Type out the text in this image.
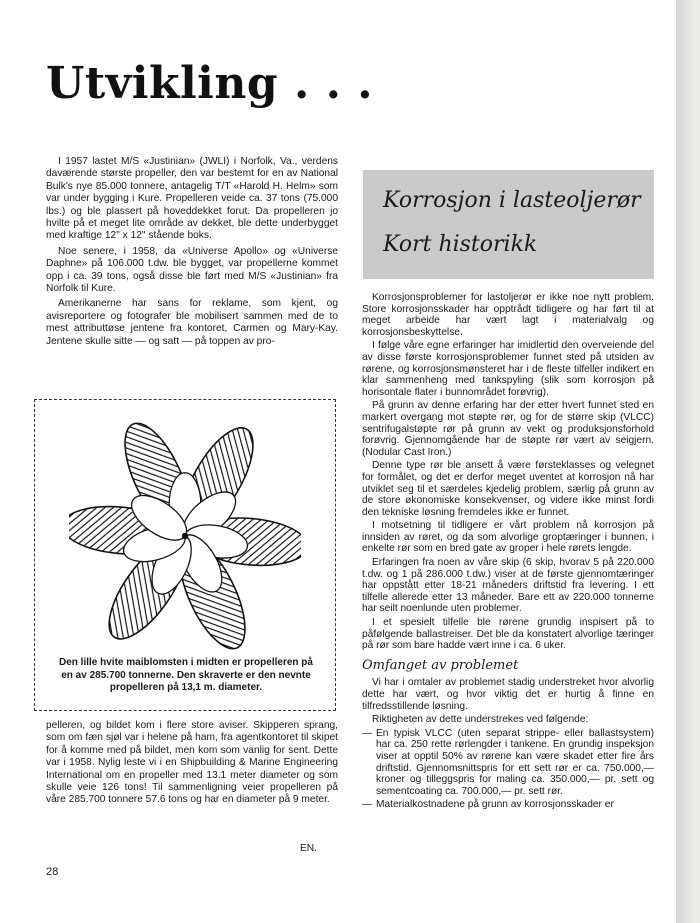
Utvikling . . .

I 1957 lastet M/S «Justinian» (JWLI) i Norfolk, Va., verdens daværende største propeller, den var bestemt for en av National Bulk's nye 85.000 tonnere, antagelig T/T «Harold H. Helm» som var under bygging i Kure. Propelleren veide ca. 37 tons (75.000 lbs.) og ble plassert på hoveddekket forut. Da propelleren jo hvilte på et meget lite område av dekket, ble dette underbygget med kraftige 12" x 12" stående boks.

Noe senere, i 1958, da «Universe Apollo» og «Universe Daphne» på 106.000 t.dw. ble bygget, var propellerne kommet opp i ca. 39 tons, også disse ble ført med M/S «Justinian» fra Norfolk til Kure.

Amerikanerne har sans for reklame, som kjent, og avisreportere og fotografer ble mobilisert sammen med de to mest attributtøse jentene fra kontoret, Carmen og Mary-Kay. Jentene skulle sitte — og satt — på toppen av pro-

Den lille hvite maiblomsten i midten er propelleren på en av 285.700 tonnerne. Den skraverte er den nevnte propelleren på 13,1 m. diameter.

pelleren, og bildet kom i flere store aviser. Skipperen sprang, som om fæn sjøl var i helene på ham, fra agentkontoret til skipet for å komme med på bildet, men kom som vanlig for sent. Dette var i 1958. Nylig leste vi i en Shipbuilding & Marine Engineering International om en propeller med 13.1 meter diameter og som skulle veie 126 tons! Til sammenligning veier propelleren på våre 285.700 tonnere 57.6 tons og har en diameter på 9 meter.

EN.
28
Korrosjon i lasteoljerør
Kort historikk

Korrosjonsproblemer for lastoljerør er ikke noe nytt problem. Store korrosjonsskader har opptrådt tidligere og har ført til at meget arbeide har vært lagt i materialvalg og korrosjonsbeskyttelse.

I følge våre egne erfaringer har imidlertid den overveiende del av disse første korrosjonsproblemer funnet sted på utsiden av rørene, og korrosjonsmønsteret har i de fleste tilfeller indikert en klar sammenheng med tankspyling (slik som korrosjon på horisontale flater i bunnområdet forøvrig).

På grunn av denne erfaring har der etter hvert funnet sted en markert overgang mot støpte rør, og for de større skip (VLCC) sentrifugalstøpte rør på grunn av vekt og produksjonsforhold forøvrig. Gjennomgående har de støpte rør vært av seigjern. (Nodular Cast Iron.)

Denne type rør ble ansett å være førsteklasses og velegnet for formålet, og det er derfor meget uventet at korrosjon nå har utviklet seg til et særdeles kjedelig problem, særlig på grunn av de store økonomiske konsekvenser, og videre ikke minst fordi den tekniske løsning fremdeles ikke er funnet.

I motsetning til tidligere er vårt problem nå korrosjon på innsiden av røret, og da som alvorlige groptæringer i bunnen, i enkelte rør som en bred gate av groper i hele rørets lengde.

Erfaringen fra noen av våre skip (6 skip, hvorav 5 på 220.000 t.dw. og 1 på 286.000 t.dw.) viser at de første gjennomtæringer har oppstått etter 18-21 måneders driftstid fra levering. I ett tilfelle allerede etter 13 måneder. Bare ett av 220.000 tonnerne har seilt noenlunde uten problemer.

I et spesielt tilfelle ble rørene grundig inspisert på to påfølgende ballastreiser. Det ble da konstatert alvorlige tæringer på rør som bare hadde vært inne i ca. 6 uker.

Omfanget av problemet

Vi har i omtaler av problemet stadig understreket hvor alvorlig dette har vært, og hvor viktig det er hurtig å finne en tilfredsstillende løsning.

Riktigheten av dette understrekes ved følgende:

— En typisk VLCC (uten separat strippe- eller ballastsystem) har ca. 250 rette rørlengder i tankene. En grundig inspeksjon viser at opptil 50% av rørene kan være skadet etter fire års driftstid. Gjennomsnittspris for ett sett rør er ca. 750.000,— kroner og tilleggspris for maling ca. 350.000,— pr. sett og sementcoating ca. 700.000,— pr. sett rør.
— Materialkostnadene på grunn av korrosjonsskader er
